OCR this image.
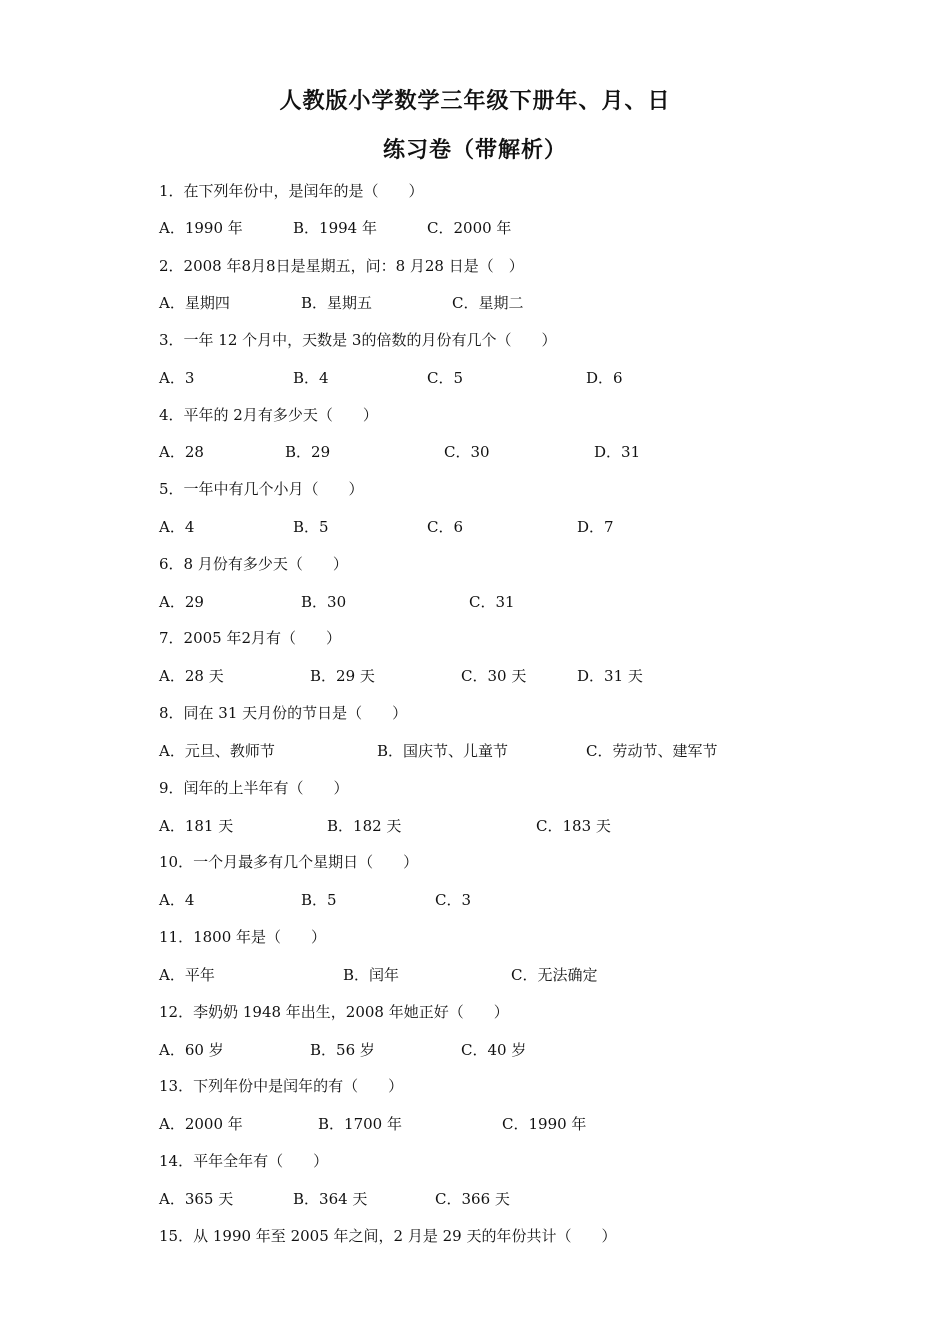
人教版小学数学三年级下册年、月、日
练习卷（带解析）
1．在下列年份中，是闰年的是（　　）
A．1990 年	B．1994 年	C．2000 年
2．2008 年8月8日是星期五，问：8 月28 日是（　）
A．星期四	B．星期五	C．星期二
3．一年 12 个月中，天数是 3的倍数的月份有几个（　　）
A．3	B．4	C．5	D．6
4．平年的 2月有多少天（　　）
A．28	B．29	C．30	D．31
5．一年中有几个小月（　　）
A．4	B．5	C．6	D．7
6．8 月份有多少天（　　）
A．29	B．30	C．31
7．2005 年2月有（　　）
A．28 天	B．29 天	C．30 天	D．31 天
8．同在 31 天月份的节日是（　　）
A．元旦、教师节	B．国庆节、儿童节	C．劳动节、建军节
9．闰年的上半年有（　　）
A．181 天	B．182 天	C．183 天
10．一个月最多有几个星期日（　　）
A．4	B．5	C．3
11．1800 年是（　　）
A．平年	B．闰年	C．无法确定
12．李奶奶 1948 年出生，2008 年她正好（　　）
A．60 岁	B．56 岁	C．40 岁
13．下列年份中是闰年的有（　　）
A．2000 年	B．1700 年	C．1990 年
14．平年全年有（　　）
A．365 天	B．364 天	C．366 天
15．从 1990 年至 2005 年之间，2 月是 29 天的年份共计（　　）
